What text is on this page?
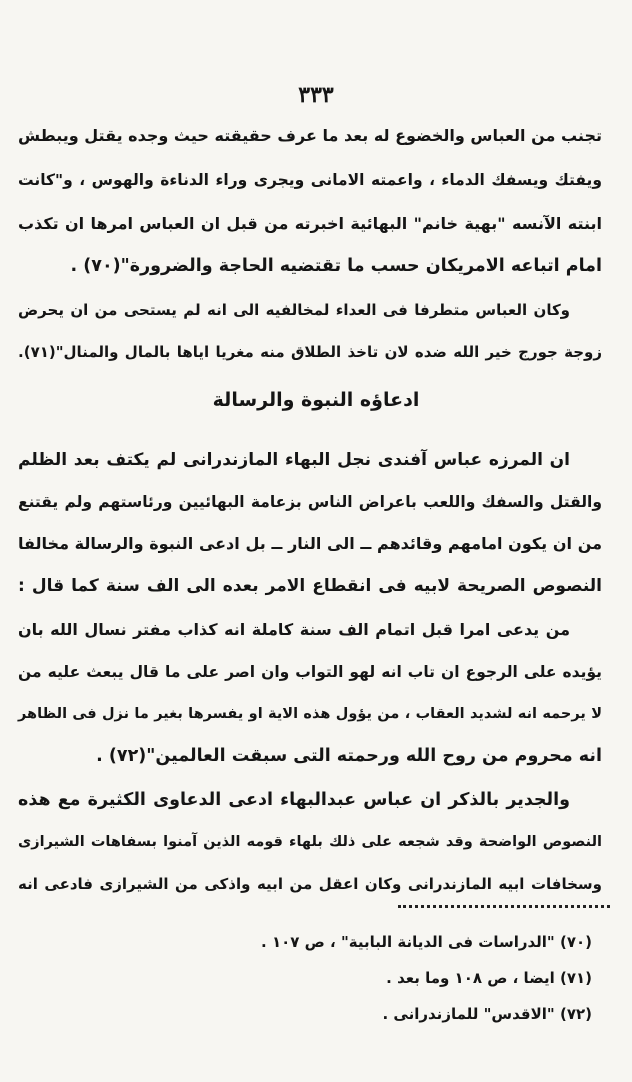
٣٣٣
تجنب من العباس والخضوع له بعد ما عرف حقيقته حيث وجده يقتل ويبطش
ويفتك ويسفك الدماء ، واعمته الامانى ويجرى وراء الدناءة والهوس ، و"كانت
ابنته الآنسه "بهية خانم" البهائية اخبرته من قبل ان العباس امرها ان تكذب
امام اتباعه الامريكان حسب ما تقتضيه الحاجة والضرورة"(٧٠) .
وكان العباس متطرفا فى العداء لمخالفيه الى انه لم يستحى من ان يحرض
زوجة جورج خير الله ضده لان تاخذ الطلاق منه مغريا اياها بالمال والمنال"(٧١).
ادعاؤه النبوة والرسالة
ان المرزه عباس آفندى نجل البهاء المازندرانى لم يكتف بعد الظلم
والقتل والسفك واللعب باعراض الناس بزعامة البهائيين ورئاستهم ولم يقتنع
من ان يكون امامهم وقائدهم ــ الى النار ــ بل ادعى النبوة والرسالة مخالفا
النصوص الصريحة لابيه فى انقطاع الامر بعده الى الف سنة كما قال :
من يدعى امرا قبل اتمام الف سنة كاملة انه كذاب مفتر نسال الله بان
يؤيده على الرجوع ان تاب انه لهو التواب وان اصر على ما قال يبعث عليه من
لا يرحمه انه لشديد العقاب ، من يؤول هذه الاية او يفسرها بغير ما نزل فى الظاهر
انه محروم من روح الله ورحمته التى سبقت العالمين"(٧٢) .
والجدير بالذكر ان عباس عبدالبهاء ادعى الدعاوى الكثيرة مع هذه
النصوص الواضحة وقد شجعه على ذلك بلهاء قومه الذين آمنوا بسفاهات الشيرازى
وسخافات ابيه المازندرانى وكان اعقل من ابيه واذكى من الشيرازى فادعى انه
(٧٠) "الدراسات فى الديانة البابية" ، ص ١٠٧ .
(٧١) ايضا ، ص ١٠٨ وما بعد .
(٧٢) "الاقدس" للمازندرانى .
